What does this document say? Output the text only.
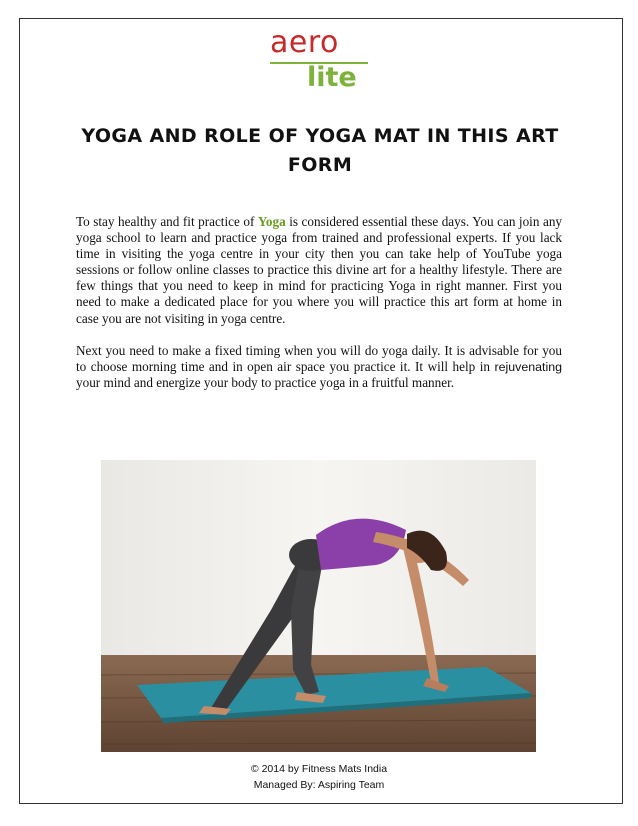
aero
lite
YOGA AND ROLE OF YOGA MAT IN THIS ART FORM

To stay healthy and fit practice of Yoga is considered essential these days. You can join any yoga school to learn and practice yoga from trained and professional experts. If you lack time in visiting the yoga centre in your city then you can take help of YouTube yoga sessions or follow online classes to practice this divine art for a healthy lifestyle. There are few things that you need to keep in mind for practicing Yoga in right manner. First you need to make a dedicated place for you where you will practice this art form at home in case you are not visiting in yoga centre.

Next you need to make a fixed timing when you will do yoga daily. It is advisable for you to choose morning time and in open air space you practice it. It will help in rejuvenating your mind and energize your body to practice yoga in a fruitful manner.

© 2014 by Fitness Mats India
Managed By: Aspiring Team
